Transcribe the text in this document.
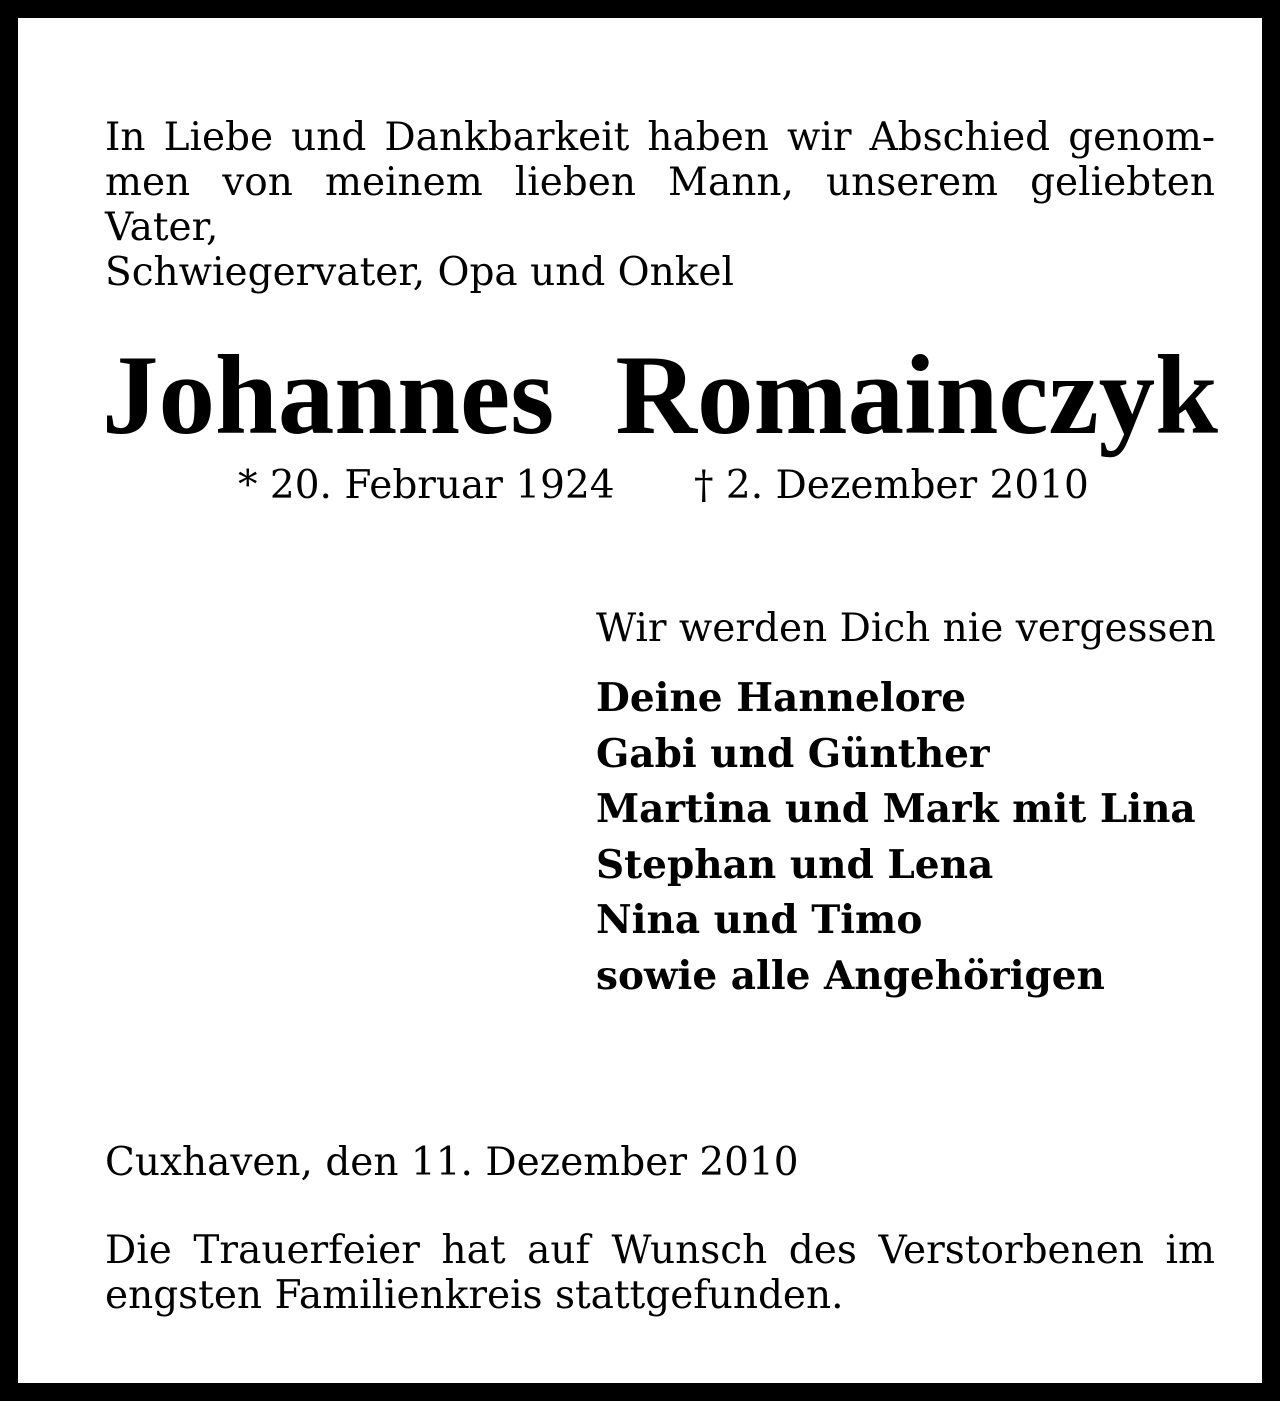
In Liebe und Dankbarkeit haben wir Abschied genom-
men von meinem lieben Mann, unserem geliebten Vater,
Schwiegervater, Opa und Onkel

Johannes Romainczyk
* 20. Februar 1924 † 2. Dezember 2010
Wir werden Dich nie vergessen
Deine Hannelore
Gabi und Günther
Martina und Mark mit Lina
Stephan und Lena
Nina und Timo
sowie alle Angehörigen
Cuxhaven, den 11. Dezember 2010
Die Trauerfeier hat auf Wunsch des Verstorbenen im
engsten Familienkreis stattgefunden.
